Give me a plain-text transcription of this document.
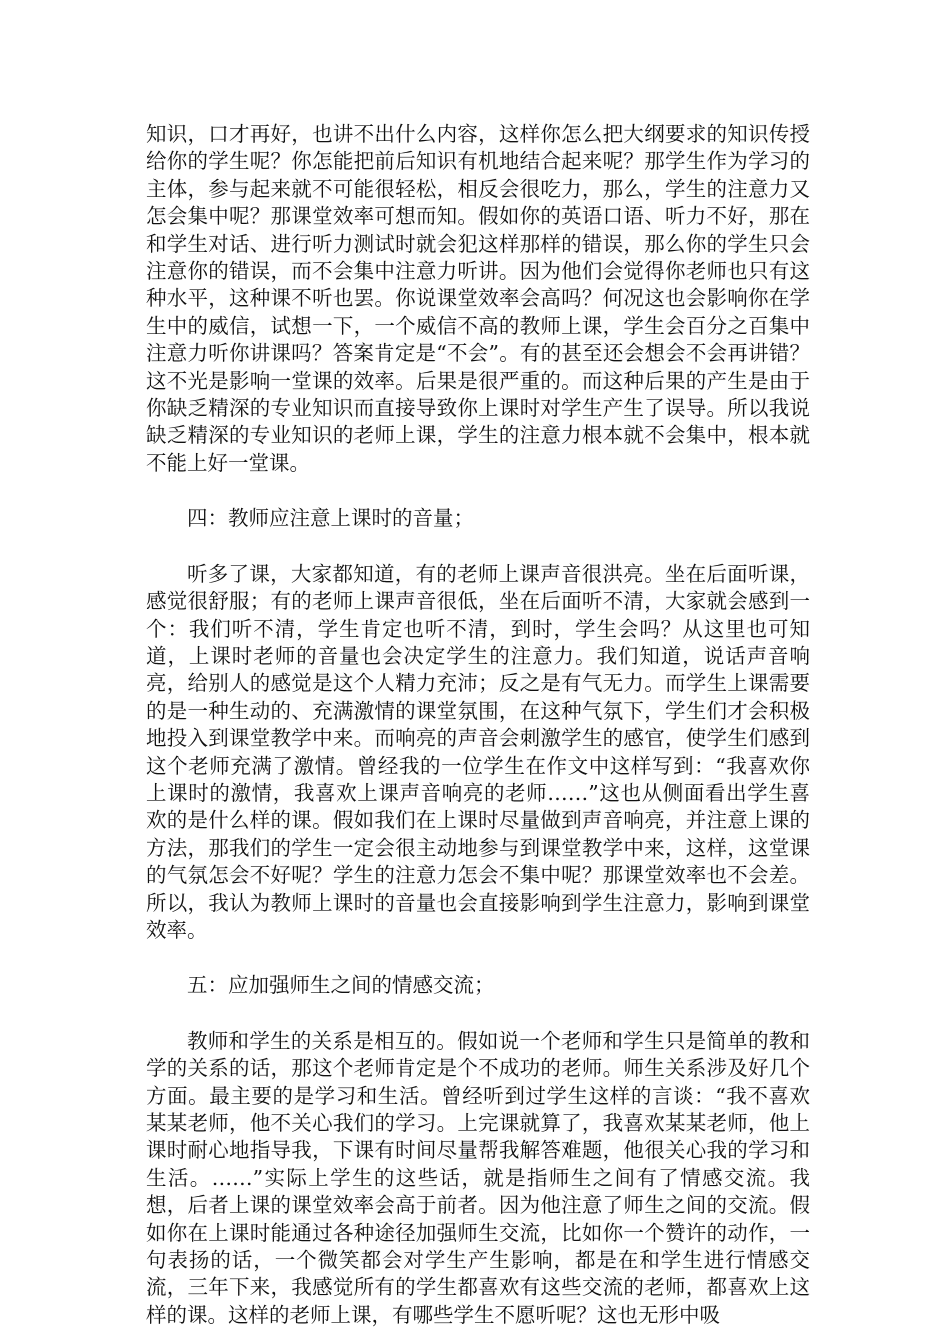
知识，口才再好，也讲不出什么内容，这样你怎么把大纲要求的知识传授给你的学生呢？你怎能把前后知识有机地结合起来呢？那学生作为学习的主体，参与起来就不可能很轻松，相反会很吃力，那么，学生的注意力又怎会集中呢？那课堂效率可想而知。假如你的英语口语、听力不好，那在和学生对话、进行听力测试时就会犯这样那样的错误，那么你的学生只会注意你的错误，而不会集中注意力听讲。因为他们会觉得你老师也只有这种水平，这种课不听也罢。你说课堂效率会高吗？何况这也会影响你在学生中的威信，试想一下，一个威信不高的教师上课，学生会百分之百集中注意力听你讲课吗？答案肯定是“不会”。有的甚至还会想会不会再讲错？这不光是影响一堂课的效率。后果是很严重的。而这种后果的产生是由于你缺乏精深的专业知识而直接导致你上课时对学生产生了误导。所以我说缺乏精深的专业知识的老师上课，学生的注意力根本就不会集中，根本就不能上好一堂课。

四：教师应注意上课时的音量；

听多了课，大家都知道，有的老师上课声音很洪亮。坐在后面听课，感觉很舒服；有的老师上课声音很低，坐在后面听不清，大家就会感到一个：我们听不清，学生肯定也听不清，到时，学生会吗？从这里也可知道，上课时老师的音量也会决定学生的注意力。我们知道，说话声音响亮，给别人的感觉是这个人精力充沛；反之是有气无力。而学生上课需要的是一种生动的、充满激情的课堂氛围，在这种气氛下，学生们才会积极地投入到课堂教学中来。而响亮的声音会刺激学生的感官，使学生们感到这个老师充满了激情。曾经我的一位学生在作文中这样写到：“我喜欢你上课时的激情，我喜欢上课声音响亮的老师……”这也从侧面看出学生喜欢的是什么样的课。假如我们在上课时尽量做到声音响亮，并注意上课的方法，那我们的学生一定会很主动地参与到课堂教学中来，这样，这堂课的气氛怎会不好呢？学生的注意力怎会不集中呢？那课堂效率也不会差。所以，我认为教师上课时的音量也会直接影响到学生注意力，影响到课堂效率。

五：应加强师生之间的情感交流；

教师和学生的关系是相互的。假如说一个老师和学生只是简单的教和学的关系的话，那这个老师肯定是个不成功的老师。师生关系涉及好几个方面。最主要的是学习和生活。曾经听到过学生这样的言谈：“我不喜欢某某老师，他不关心我们的学习。上完课就算了，我喜欢某某老师，他上课时耐心地指导我，下课有时间尽量帮我解答难题，他很关心我的学习和生活。……”实际上学生的这些话，就是指师生之间有了情感交流。我想，后者上课的课堂效率会高于前者。因为他注意了师生之间的交流。假如你在上课时能通过各种途径加强师生交流，比如你一个赞许的动作，一句表扬的话，一个微笑都会对学生产生影响，都是在和学生进行情感交流，三年下来，我感觉所有的学生都喜欢有这些交流的老师，都喜欢上这样的课。这样的老师上课，有哪些学生不愿听呢？这也无形中吸
